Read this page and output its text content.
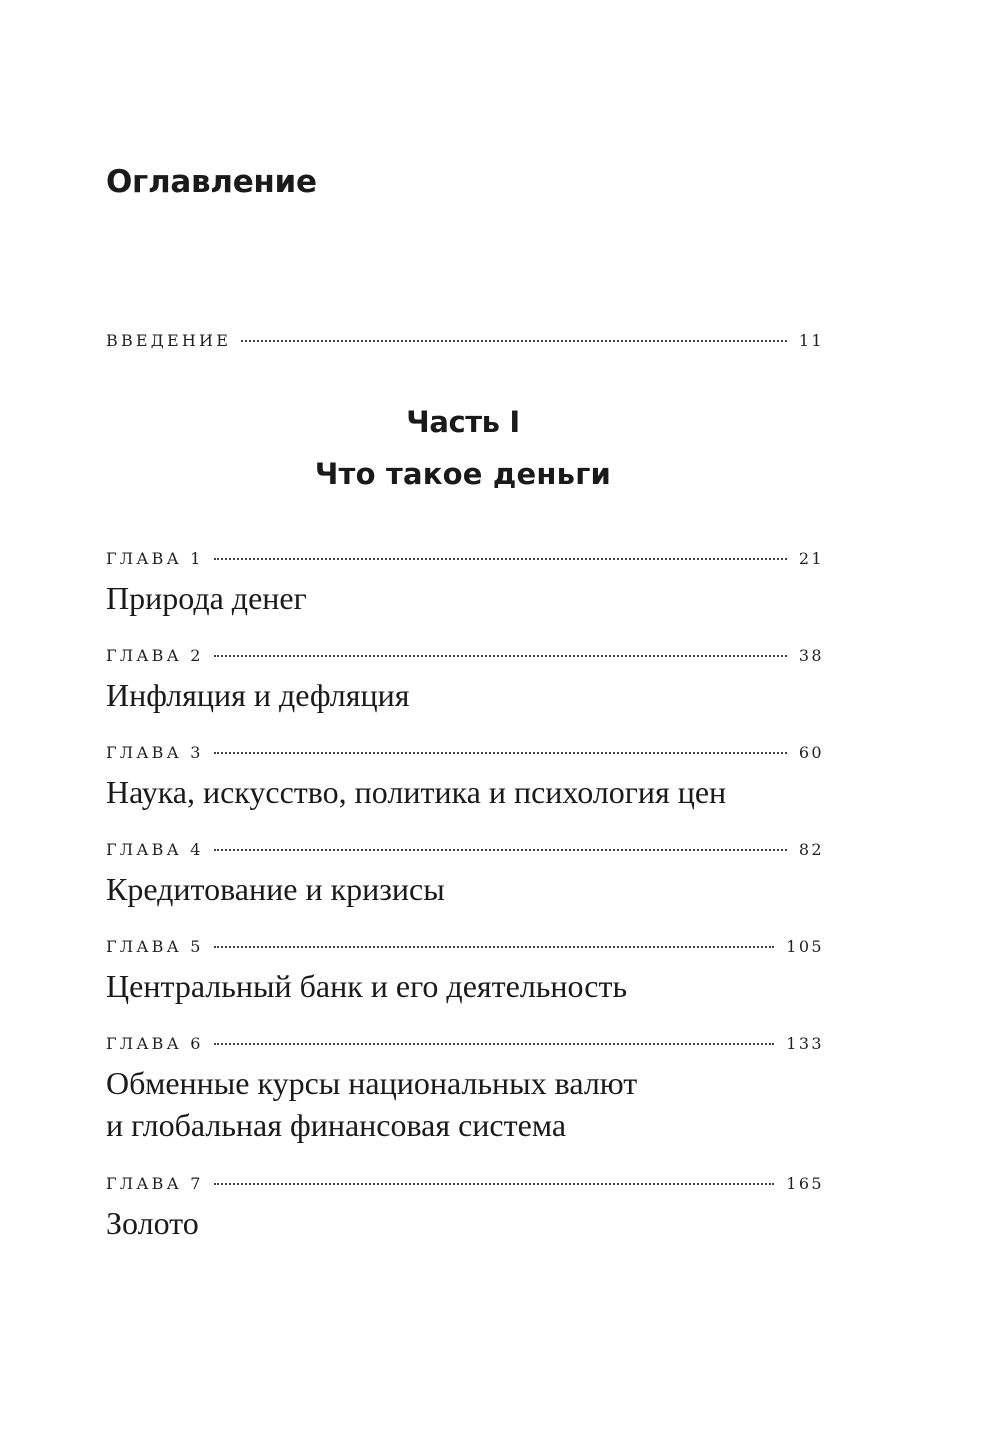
Оглавление
ВВЕДЕНИЕ	11
Часть I
Что такое деньги
ГЛАВА 1	21

Природа денег

ГЛАВА 2	38

Инфляция и дефляция

ГЛАВА 3	60

Наука, искусство, политика и психология цен

ГЛАВА 4	82

Кредитование и кризисы

ГЛАВА 5	105

Центральный банк и его деятельность

ГЛАВА 6	133

Обменные курсы национальных валют

и глобальная финансовая система

ГЛАВА 7	165

Золото
